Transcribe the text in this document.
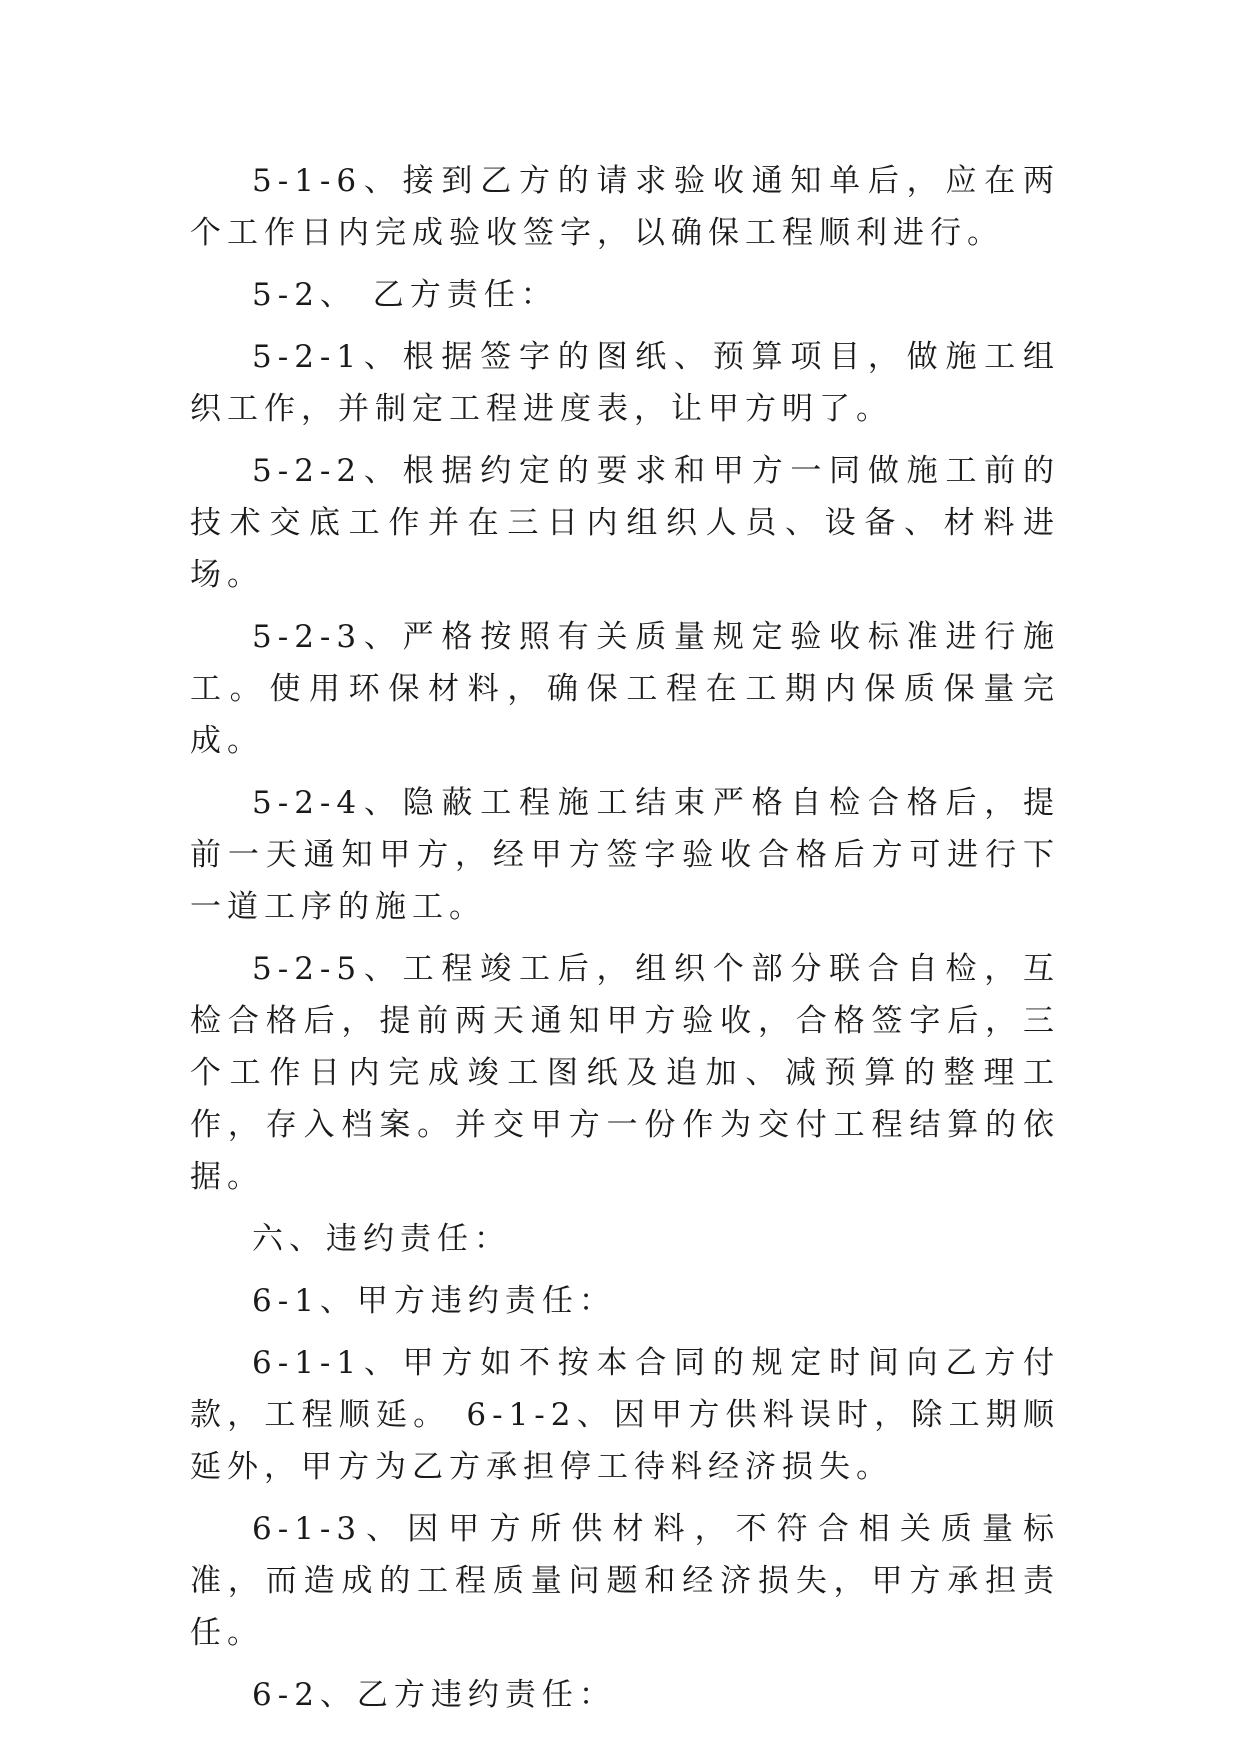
5-1-6、接到乙方的请求验收通知单后，应在两个工作日内完成验收签字，以确保工程顺利进行。

5-2、 乙方责任：

5-2-1、根据签字的图纸、预算项目，做施工组织工作，并制定工程进度表，让甲方明了。

5-2-2、根据约定的要求和甲方一同做施工前的技术交底工作并在三日内组织人员、设备、材料进场。

5-2-3、严格按照有关质量规定验收标准进行施工。使用环保材料，确保工程在工期内保质保量完成。

5-2-4、隐蔽工程施工结束严格自检合格后，提前一天通知甲方，经甲方签字验收合格后方可进行下一道工序的施工。

5-2-5、工程竣工后，组织个部分联合自检，互检合格后，提前两天通知甲方验收，合格签字后，三个工作日内完成竣工图纸及追加、减预算的整理工作，存入档案。并交甲方一份作为交付工程结算的依据。

六、违约责任：

6-1、甲方违约责任：

6-1-1、甲方如不按本合同的规定时间向乙方付款，工程顺延。 6-1-2、因甲方供料误时，除工期顺延外，甲方为乙方承担停工待料经济损失。

6-1-3、因甲方所供材料，不符合相关质量标准，而造成的工程质量问题和经济损失，甲方承担责任。

6-2、乙方违约责任：
